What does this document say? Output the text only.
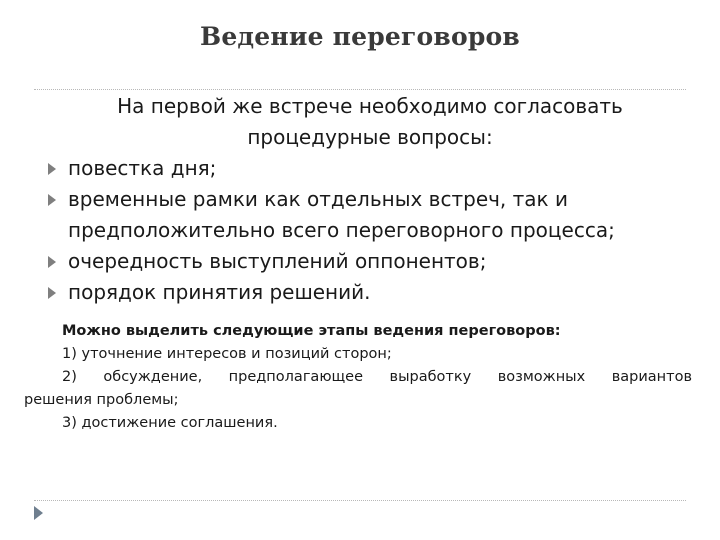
Ведение переговоров
На первой же встрече необходимо согласовать
процедурные вопросы:
повестка дня;
временные рамки как отдельных встреч, так и предположительно всего переговорного процесса;
очередность выступлений оппонентов;
порядок принятия решений.
Можно выделить следующие этапы ведения переговоров:
1) уточнение интересов и позиций сторон;
2) обсуждение, предполагающее выработку возможных вариантов
решения проблемы;
3) достижение соглашения.
